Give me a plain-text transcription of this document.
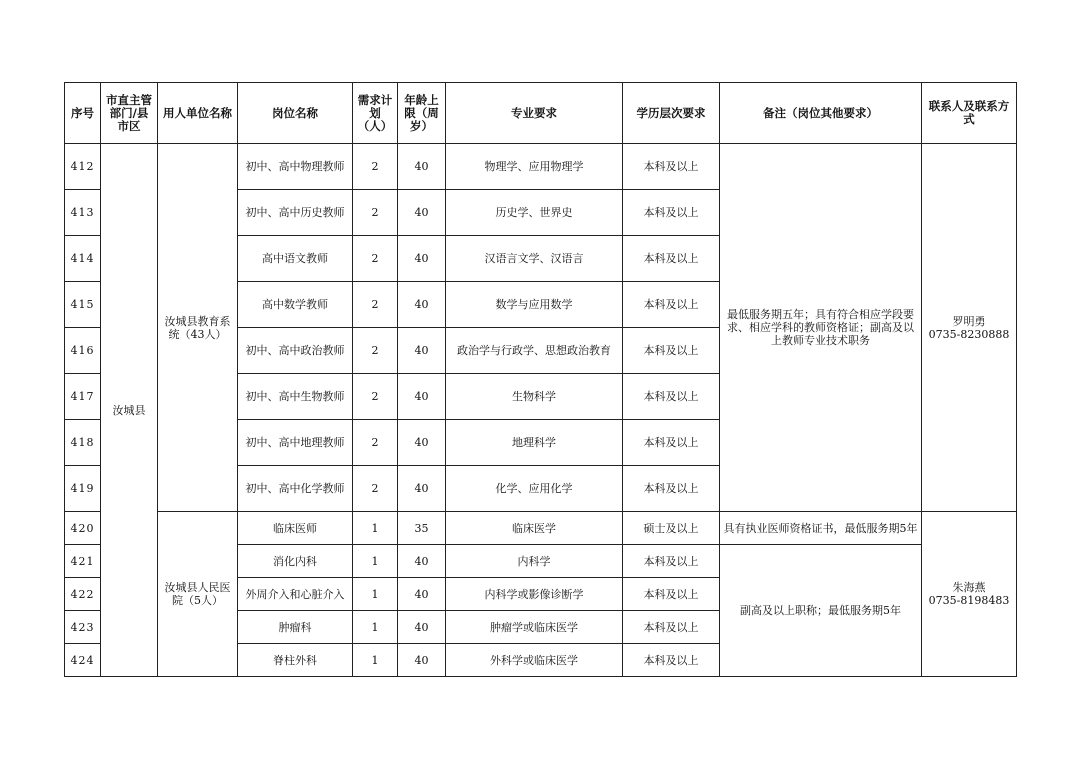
序号	市直主管部门/县市区	用人单位名称	岗位名称	需求计划（人）	年龄上限（周岁）	专业要求	学历层次要求	备注（岗位其他要求）	联系人及联系方式
412	汝城县	汝城县教育系统（43人）	初中、高中物理教师	2	40	物理学、应用物理学	本科及以上	最低服务期五年；具有符合相应学段要求、相应学科的教师资格证；副高及以上教师专业技术职务	罗明勇
0735-8230888

413			初中、高中历史教师	2	40	历史学、世界史	本科及以上		
414			高中语文教师	2	40	汉语言文学、汉语言	本科及以上		
415			高中数学教师	2	40	数学与应用数学	本科及以上		
416			初中、高中政治教师	2	40	政治学与行政学、思想政治教育	本科及以上		
417			初中、高中生物教师	2	40	生物科学	本科及以上		
418			初中、高中地理教师	2	40	地理科学	本科及以上		
419			初中、高中化学教师	2	40	化学、应用化学	本科及以上		
420		汝城县人民医院（5人）	临床医师	1	35	临床医学	硕士及以上	具有执业医师资格证书，最低服务期5年	朱海燕
0735-8198483

421			消化内科	1	40	内科学	本科及以上	副高及以上职称；最低服务期5年	
422			外周介入和心脏介入	1	40	内科学或影像诊断学	本科及以上		
423			肿瘤科	1	40	肿瘤学或临床医学	本科及以上		
424			脊柱外科	1	40	外科学或临床医学	本科及以上		
